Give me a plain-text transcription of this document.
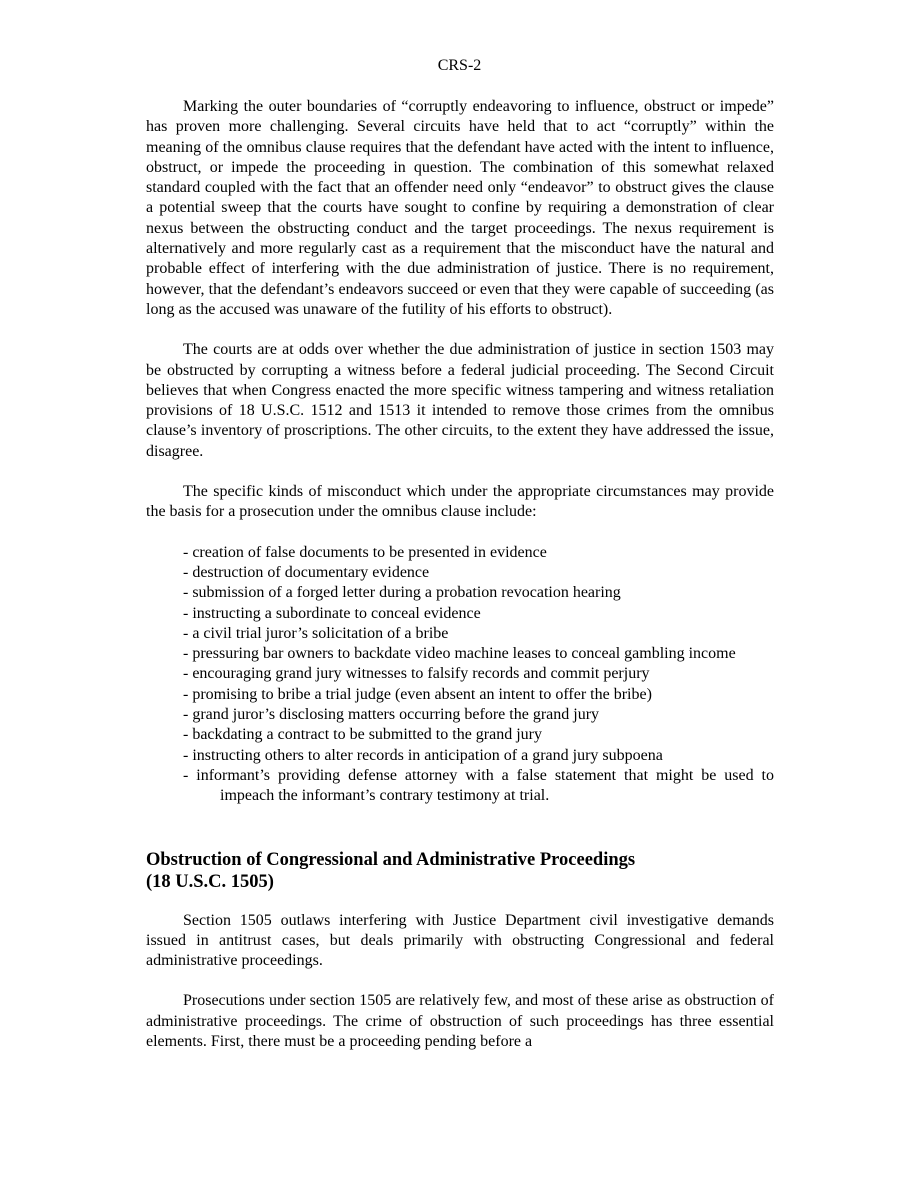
CRS-2

Marking the outer boundaries of “corruptly endeavoring to influence, obstruct or impede” has proven more challenging. Several circuits have held that to act “corruptly” within the meaning of the omnibus clause requires that the defendant have acted with the intent to influence, obstruct, or impede the proceeding in question. The combination of this somewhat relaxed standard coupled with the fact that an offender need only “endeavor” to obstruct gives the clause a potential sweep that the courts have sought to confine by requiring a demonstration of clear nexus between the obstructing conduct and the target proceedings. The nexus requirement is alternatively and more regularly cast as a requirement that the misconduct have the natural and probable effect of interfering with the due administration of justice. There is no requirement, however, that the defendant’s endeavors succeed or even that they were capable of succeeding (as long as the accused was unaware of the futility of his efforts to obstruct).

The courts are at odds over whether the due administration of justice in section 1503 may be obstructed by corrupting a witness before a federal judicial proceeding. The Second Circuit believes that when Congress enacted the more specific witness tampering and witness retaliation provisions of 18 U.S.C. 1512 and 1513 it intended to remove those crimes from the omnibus clause’s inventory of proscriptions. The other circuits, to the extent they have addressed the issue, disagree.

The specific kinds of misconduct which under the appropriate circumstances may provide the basis for a prosecution under the omnibus clause include:

- creation of false documents to be presented in evidence
- destruction of documentary evidence
- submission of a forged letter during a probation revocation hearing
- instructing a subordinate to conceal evidence
- a civil trial juror’s solicitation of a bribe
- pressuring bar owners to backdate video machine leases to conceal gambling income
- encouraging grand jury witnesses to falsify records and commit perjury
- promising to bribe a trial judge (even absent an intent to offer the bribe)
- grand juror’s disclosing matters occurring before the grand jury
- backdating a contract to be submitted to the grand jury
- instructing others to alter records in anticipation of a grand jury subpoena
- informant’s providing defense attorney with a false statement that might be used to impeach the informant’s contrary testimony at trial.
Obstruction of Congressional and Administrative Proceedings
(18 U.S.C. 1505)

Section 1505 outlaws interfering with Justice Department civil investigative demands issued in antitrust cases, but deals primarily with obstructing Congressional and federal administrative proceedings.

Prosecutions under section 1505 are relatively few, and most of these arise as obstruction of administrative proceedings. The crime of obstruction of such proceedings has three essential elements. First, there must be a proceeding pending before a
